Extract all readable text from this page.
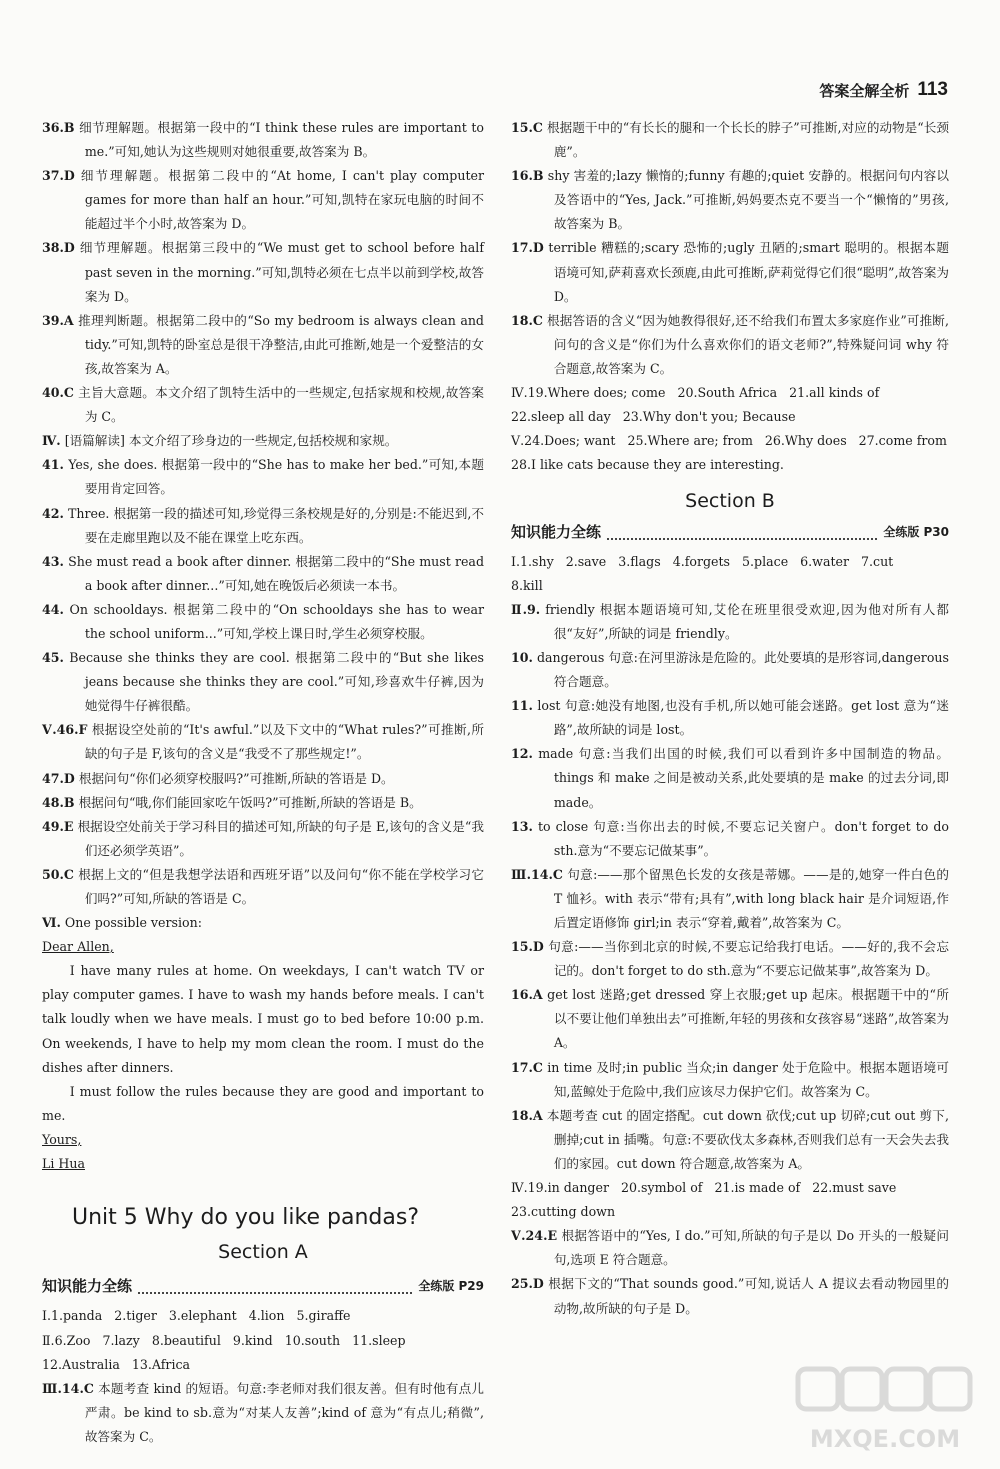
答案全解全析 113

36.B 细节理解题。根据第一段中的“I think these rules are important to me.”可知,她认为这些规则对她很重要,故答案为 B。

37.D 细节理解题。根据第二段中的“At home, I can't play computer games for more than half an hour.”可知,凯特在家玩电脑的时间不能超过半个小时,故答案为 D。

38.D 细节理解题。根据第三段中的“We must get to school before half past seven in the morning.”可知,凯特必须在七点半以前到学校,故答案为 D。

39.A 推理判断题。根据第二段中的“So my bedroom is always clean and tidy.”可知,凯特的卧室总是很干净整洁,由此可推断,她是一个爱整洁的女孩,故答案为 A。

40.C 主旨大意题。本文介绍了凯特生活中的一些规定,包括家规和校规,故答案为 C。

Ⅳ. [语篇解读] 本文介绍了珍身边的一些规定,包括校规和家规。

41. Yes, she does. 根据第一段中的“She has to make her bed.”可知,本题要用肯定回答。

42. Three. 根据第一段的描述可知,珍觉得三条校规是好的,分别是:不能迟到,不要在走廊里跑以及不能在课堂上吃东西。

43. She must read a book after dinner. 根据第二段中的“She must read a book after dinner...”可知,她在晚饭后必须读一本书。

44. On schooldays. 根据第二段中的“On schooldays she has to wear the school uniform...”可知,学校上课日时,学生必须穿校服。

45. Because she thinks they are cool. 根据第二段中的“But she likes jeans because she thinks they are cool.”可知,珍喜欢牛仔裤,因为她觉得牛仔裤很酷。

Ⅴ.46.F 根据设空处前的“It's awful.”以及下文中的“What rules?”可推断,所缺的句子是 F,该句的含义是“我受不了那些规定!”。

47.D 根据问句“你们必须穿校服吗?”可推断,所缺的答语是 D。

48.B 根据问句“哦,你们能回家吃午饭吗?”可推断,所缺的答语是 B。

49.E 根据设空处前关于学习科目的描述可知,所缺的句子是 E,该句的含义是“我们还必须学英语”。

50.C 根据上文的“但是我想学法语和西班牙语”以及问句“你不能在学校学习它们吗?”可知,所缺的答语是 C。

Ⅵ. One possible version:

Dear Allen,

I have many rules at home. On weekdays, I can't watch TV or play computer games. I have to wash my hands before meals. I can't talk loudly when we have meals. I must go to bed before 10:00 p.m. On weekends, I have to help my mom clean the room. I must do the dishes after dinners.

I must follow the rules because they are good and important to me.

Yours,

Li Hua

Unit 5 Why do you like pandas?
Section A
知识能力全练	全练版 P29
Ⅰ.1.panda 2.tiger 3.elephant 4.lion 5.giraffe
Ⅱ.6.Zoo 7.lazy 8.beautiful 9.kind 10.south 11.sleep
12.Australia 13.Africa

Ⅲ.14.C 本题考查 kind 的短语。句意:李老师对我们很友善。但有时他有点儿严肃。be kind to sb.意为“对某人友善”;kind of 意为“有点儿;稍微”,故答案为 C。

15.C 根据题干中的“有长长的腿和一个长长的脖子”可推断,对应的动物是“长颈鹿”。

16.B shy 害羞的;lazy 懒惰的;funny 有趣的;quiet 安静的。根据问句内容以及答语中的“Yes, Jack.”可推断,妈妈要杰克不要当一个“懒惰的”男孩,故答案为 B。

17.D terrible 糟糕的;scary 恐怖的;ugly 丑陋的;smart 聪明的。根据本题语境可知,萨莉喜欢长颈鹿,由此可推断,萨莉觉得它们很“聪明”,故答案为 D。

18.C 根据答语的含义“因为她教得很好,还不给我们布置太多家庭作业”可推断,问句的含义是“你们为什么喜欢你们的语文老师?”,特殊疑问词 why 符合题意,故答案为 C。

Ⅳ.19.Where does; come 20.South Africa 21.all kinds of
22.sleep all day 23.Why don't you; Because
Ⅴ.24.Does; want 25.Where are; from 26.Why does 27.come from
28.I like cats because they are interesting.
Section B
知识能力全练	全练版 P30
Ⅰ.1.shy 2.save 3.flags 4.forgets 5.place 6.water 7.cut
8.kill

Ⅱ.9. friendly 根据本题语境可知,艾伦在班里很受欢迎,因为他对所有人都很“友好”,所缺的词是 friendly。

10. dangerous 句意:在河里游泳是危险的。此处要填的是形容词,dangerous 符合题意。

11. lost 句意:她没有地图,也没有手机,所以她可能会迷路。get lost 意为“迷路”,故所缺的词是 lost。

12. made 句意:当我们出国的时候,我们可以看到许多中国制造的物品。things 和 make 之间是被动关系,此处要填的是 make 的过去分词,即 made。

13. to close 句意:当你出去的时候,不要忘记关窗户。don't forget to do sth.意为“不要忘记做某事”。

Ⅲ.14.C 句意:——那个留黑色长发的女孩是蒂娜。——是的,她穿一件白色的 T 恤衫。with 表示“带有;具有”,with long black hair 是介词短语,作后置定语修饰 girl;in 表示“穿着,戴着”,故答案为 C。

15.D 句意:——当你到北京的时候,不要忘记给我打电话。——好的,我不会忘记的。don't forget to do sth.意为“不要忘记做某事”,故答案为 D。

16.A get lost 迷路;get dressed 穿上衣服;get up 起床。根据题干中的“所以不要让他们单独出去”可推断,年轻的男孩和女孩容易“迷路”,故答案为 A。

17.C in time 及时;in public 当众;in danger 处于危险中。根据本题语境可知,蓝鲸处于危险中,我们应该尽力保护它们。故答案为 C。

18.A 本题考查 cut 的固定搭配。cut down 砍伐;cut up 切碎;cut out 剪下,删掉;cut in 插嘴。句意:不要砍伐太多森林,否则我们总有一天会失去我们的家园。cut down 符合题意,故答案为 A。

Ⅳ.19.in danger 20.symbol of 21.is made of 22.must save
23.cutting down

Ⅴ.24.E 根据答语中的“Yes, I do.”可知,所缺的句子是以 Do 开头的一般疑问句,选项 E 符合题意。

25.D 根据下文的“That sounds good.”可知,说话人 A 提议去看动物园里的动物,故所缺的句子是 D。

MXQE.COM
